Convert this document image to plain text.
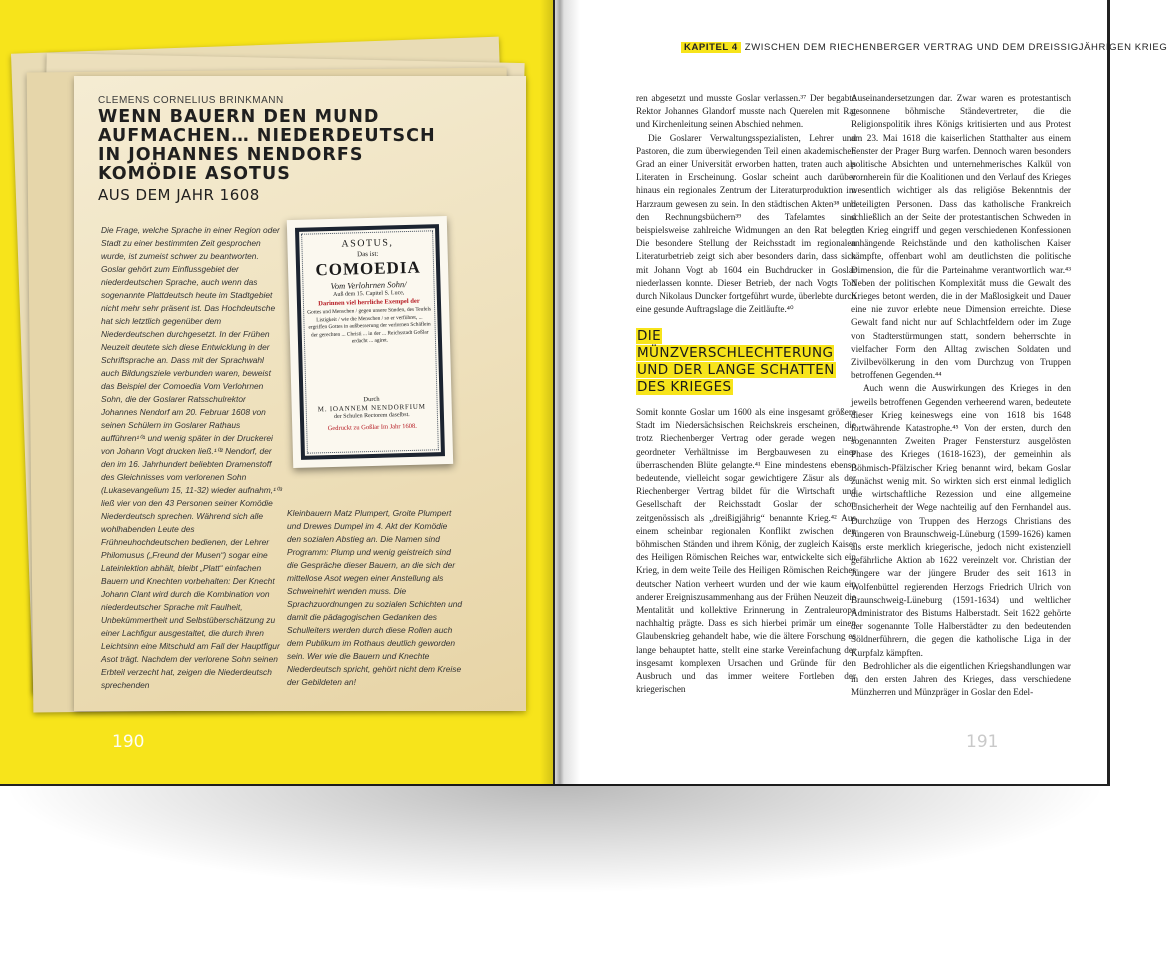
CLEMENS CORNELIUS BRINKMANN
WENN BAUERN DEN MUND AUFMACHEN… NIEDERDEUTSCH IN JOHANNES NENDORFS KOMÖDIE ASOTUS
AUS DEM JAHR 1608

Die Frage, welche Sprache in einer Region oder Stadt zu einer bestimmten Zeit gesprochen wurde, ist zumeist schwer zu beantworten. Goslar gehört zum Einflussgebiet der niederdeutschen Sprache, auch wenn das sogenannte Plattdeutsch heute im Stadtgebiet nicht mehr sehr präsent ist. Das Hochdeutsche hat sich letztlich gegenüber dem Niederdeutschen durchgesetzt. In der Frühen Neuzeit deutete sich diese Entwicklung in der Schriftsprache an. Dass mit der Sprachwahl auch Bildungsziele verbunden waren, beweist das Beispiel der Comoedia Vom Verlohrnen Sohn, die der Goslarer Ratsschulrektor Johannes Nendorf am 20. Februar 1608 von seinen Schülern im Goslarer Rathaus aufführen¹⁰¹ und wenig später in der Druckerei von Johann Vogt drucken ließ.¹⁰² Nendorf, der den im 16. Jahrhundert beliebten Dramenstoff des Gleichnisses vom verlorenen Sohn (Lukasevangelium 15, 11-32) wieder aufnahm,¹⁰³ ließ vier von den 43 Personen seiner Komödie Niederdeutsch sprechen. Während sich alle wohlhabenden Leute des Frühneuhochdeutschen bedienen, der Lehrer Philomusus („Freund der Musen“) sogar eine Lateinlektion abhält, bleibt „Platt“ einfachen Bauern und Knechten vorbehalten: Der Knecht Johann Clant wird durch die Kombination von niederdeutscher Sprache mit Faulheit, Unbekümmertheit und Selbstüberschätzung zu einer Lachfigur ausgestaltet, die durch ihren Leichtsinn eine Mitschuld am Fall der Hauptfigur Asot trägt. Nachdem der verlorene Sohn seinen Erbteil verzecht hat, zeigen die Niederdeutsch sprechenden

Kleinbauern Matz Plumpert, Groite Plumpert und Drewes Dumpel im 4. Akt der Komödie den sozialen Abstieg an. Die Namen sind Programm: Plump und wenig geistreich sind die Gespräche dieser Bauern, an die sich der mittellose Asot wegen einer Anstellung als Schweinehirt wenden muss. Die Sprachzuordnungen zu sozialen Schichten und damit die pädagogischen Gedanken des Schulleiters werden durch diese Rollen auch dem Publikum im Rothaus deutlich geworden sein. Wer wie die Bauern und Knechte Niederdeutsch spricht, gehört nicht dem Kreise der Gebildeten an!

ASOTUS,
Das ist:
COMOEDIA
Vom Verlohrnen Sohn/
Auß dem 15. Capitel S. Luce,
Darinnen viel herrliche Exempel der
Gottes und Menschen / gegen unsere Sünden, des Teufels Listigkeit / wie die Menschen / so er verführet, ... ergriffen Gottes in außbesserung der verlornen Schäflein der gerechten ... Christi ... in der ... Reichsstadt Goßlar erdacht ... agiret.
Durch
M. IOANNEM NENDORFIUM
der Schulen Rectorem daselbst.
Gedruckt zu Goßlar Im Jahr 1608.
190
KAPITEL 4 ZWISCHEN DEM RIECHENBERGER VERTRAG UND DEM DREISSIGJÄHRIGEN KRIEG

ren abgesetzt und musste Goslar verlassen.³⁷ Der begabte Rektor Johannes Glandorf musste nach Querelen mit Rat und Kirchenleitung seinen Abschied nehmen.

Die Goslarer Verwaltungsspezialisten, Lehrer und Pastoren, die zum überwiegenden Teil einen akademischen Grad an einer Universität erworben hatten, traten auch als Literaten in Erscheinung. Goslar scheint auch darüber hinaus ein regionales Zentrum der Literaturproduktion im Harzraum gewesen zu sein. In den städtischen Akten³⁸ und den Rechnungsbüchern³⁹ des Tafelamtes sind beispielsweise zahlreiche Widmungen an den Rat belegt. Die besondere Stellung der Reichsstadt im regionalen Literaturbetrieb zeigt sich aber besonders darin, dass sich mit Johann Vogt ab 1604 ein Buchdrucker in Goslar niederlassen konnte. Dieser Betrieb, der nach Vogts Tod durch Nikolaus Duncker fortgeführt wurde, überlebte durch eine gesunde Auftragslage die Zeitläufte.⁴⁰

DIE MÜNZVERSCHLECHTERUNG UND DER LANGE SCHATTEN DES KRIEGES

Somit konnte Goslar um 1600 als eine insgesamt größere Stadt im Niedersächsischen Reichskreis erscheinen, die trotz Riechenberger Vertrag oder gerade wegen neu geordneter Verhältnisse im Bergbauwesen zu einer überraschenden Blüte gelangte.⁴¹ Eine mindestens ebenso bedeutende, vielleicht sogar gewichtigere Zäsur als der Riechenberger Vertrag bildet für die Wirtschaft und Gesellschaft der Reichsstadt Goslar der schon zeitgenössisch als „dreißigjährig“ benannte Krieg.⁴² Aus einem scheinbar regionalen Konflikt zwischen den böhmischen Ständen und ihrem König, der zugleich Kaiser des Heiligen Römischen Reiches war, entwickelte sich ein Krieg, in dem weite Teile des Heiligen Römischen Reiches deutscher Nation verheert wurden und der wie kaum ein anderer Ereigniszusammenhang aus der Frühen Neuzeit die Mentalität und kollektive Erinnerung in Zentraleuropa nachhaltig prägte. Dass es sich hierbei primär um einen Glaubenskrieg gehandelt habe, wie die ältere Forschung es lange behauptet hatte, stellt eine starke Vereinfachung der insgesamt komplexen Ursachen und Gründe für den Ausbruch und das immer weitere Fortleben der kriegerischen

Auseinandersetzungen dar. Zwar waren es protestantisch gesonnene böhmische Ständevertreter, die die Religionspolitik ihres Königs kritisierten und aus Protest am 23. Mai 1618 die kaiserlichen Statthalter aus einem Fenster der Prager Burg warfen. Dennoch waren besonders politische Absichten und unternehmerisches Kalkül von vornherein für die Koalitionen und den Verlauf des Krieges wesentlich wichtiger als das religiöse Bekenntnis der beteiligten Personen. Dass das katholische Frankreich schließlich an der Seite der protestantischen Schweden in den Krieg eingriff und gegen verschiedenen Konfessionen anhängende Reichstände und den katholischen Kaiser kämpfte, offenbart wohl am deutlichsten die politische Dimension, die für die Parteinahme verantwortlich war.⁴³ Neben der politischen Komplexität muss die Gewalt des Krieges betont werden, die in der Maßlosigkeit und Dauer eine nie zuvor erlebte neue Dimension erreichte. Diese Gewalt fand nicht nur auf Schlachtfeldern oder im Zuge von Stadterstürmungen statt, sondern beherrschte in vielfacher Form den Alltag zwischen Soldaten und Zivilbevölkerung in den vom Durchzug von Truppen betroffenen Gegenden.⁴⁴

Auch wenn die Auswirkungen des Krieges in den jeweils betroffenen Gegenden verheerend waren, bedeutete dieser Krieg keineswegs eine von 1618 bis 1648 fortwährende Katastrophe.⁴⁵ Von der ersten, durch den sogenannten Zweiten Prager Fenstersturz ausgelösten Phase des Krieges (1618-1623), der gemeinhin als Böhmisch-Pfälzischer Krieg benannt wird, bekam Goslar zunächst wenig mit. So wirkten sich erst einmal lediglich die wirtschaftliche Rezession und eine allgemeine Unsicherheit der Wege nachteilig auf den Fernhandel aus. Durchzüge von Truppen des Herzogs Christians des Jüngeren von Braunschweig-Lüneburg (1599-1626) kamen als erste merklich kriegerische, jedoch nicht existenziell gefährliche Aktion ab 1622 vereinzelt vor. Christian der Jüngere war der jüngere Bruder des seit 1613 in Wolfenbüttel regierenden Herzogs Friedrich Ulrich von Braunschweig-Lüneburg (1591-1634) und weltlicher Administrator des Bistums Halberstadt. Seit 1622 gehörte der sogenannte Tolle Halberstädter zu den bedeutenden Söldnerführern, die gegen die katholische Liga in der Kurpfalz kämpften.

Bedrohlicher als die eigentlichen Kriegshandlungen war in den ersten Jahren des Krieges, dass verschiedene Münzherren und Münzpräger in Goslar den Edel-

191
